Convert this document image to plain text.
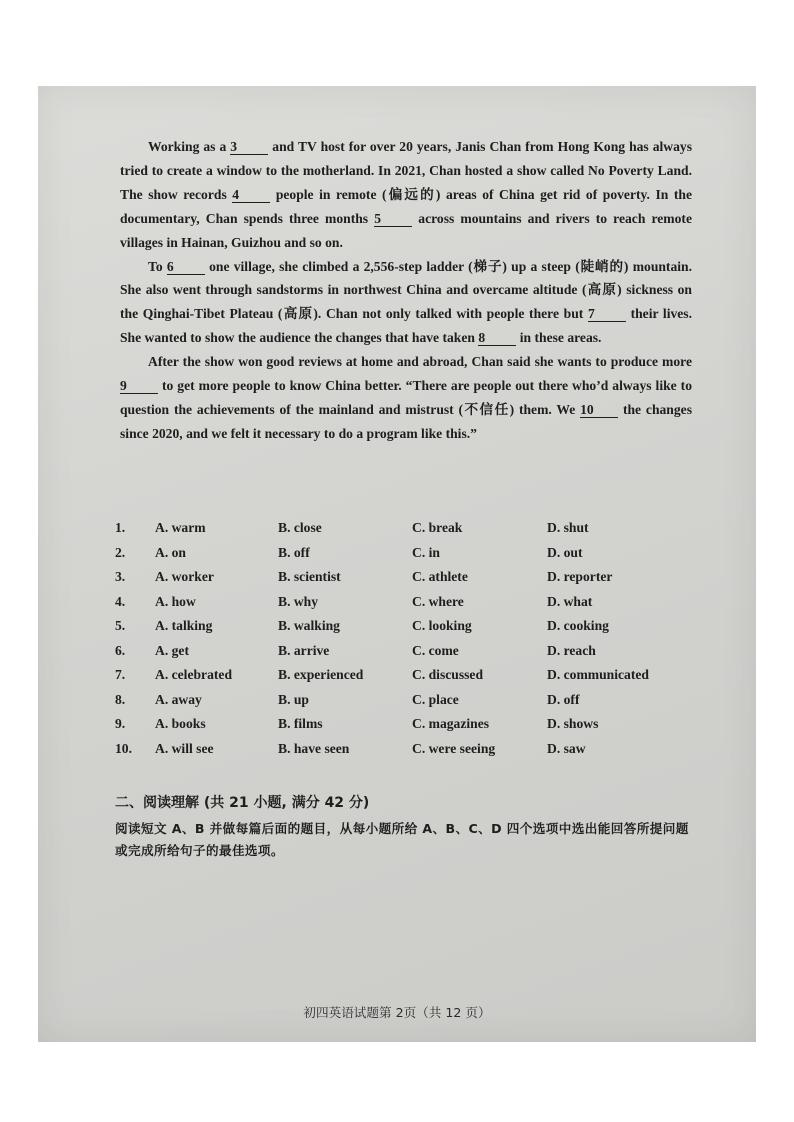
Working as a 3 and TV host for over 20 years, Janis Chan from Hong Kong has always tried to create a window to the motherland. In 2021, Chan hosted a show called No Poverty Land. The show records 4 people in remote (偏远的) areas of China get rid of poverty. In the documentary, Chan spends three months 5 across mountains and rivers to reach remote villages in Hainan, Guizhou and so on.

To 6 one village, she climbed a 2,556-step ladder (梯子) up a steep (陡峭的) mountain. She also went through sandstorms in northwest China and overcame altitude (高原) sickness on the Qinghai-Tibet Plateau (高原). Chan not only talked with people there but 7 their lives. She wanted to show the audience the changes that have taken 8 in these areas.

After the show won good reviews at home and abroad, Chan said she wants to produce more 9 to get more people to know China better. “There are people out there who’d always like to question the achievements of the mainland and mistrust (不信任) them. We 10 the changes since 2020, and we felt it necessary to do a program like this.”

1. A. warm	B. close	C. break	D. shut
2. A. on	B. off	C. in	D. out
3. A. worker	B. scientist	C. athlete	D. reporter
4. A. how	B. why	C. where	D. what
5. A. talking	B. walking	C. looking	D. cooking
6. A. get	B. arrive	C. come	D. reach
7. A. celebrated	B. experienced	C. discussed	D. communicated
8. A. away	B. up	C. place	D. off
9. A. books	B. films	C. magazines	D. shows
10. A. will see	B. have seen	C. were seeing	D. saw
二、阅读理解 (共 21 小题, 满分 42 分)
阅读短文 A、B 并做每篇后面的题目，从每小题所给 A、B、C、D 四个选项中选出能回答所提问题或完成所给句子的最佳选项。
初四英语试题第 2页（共 12 页）
